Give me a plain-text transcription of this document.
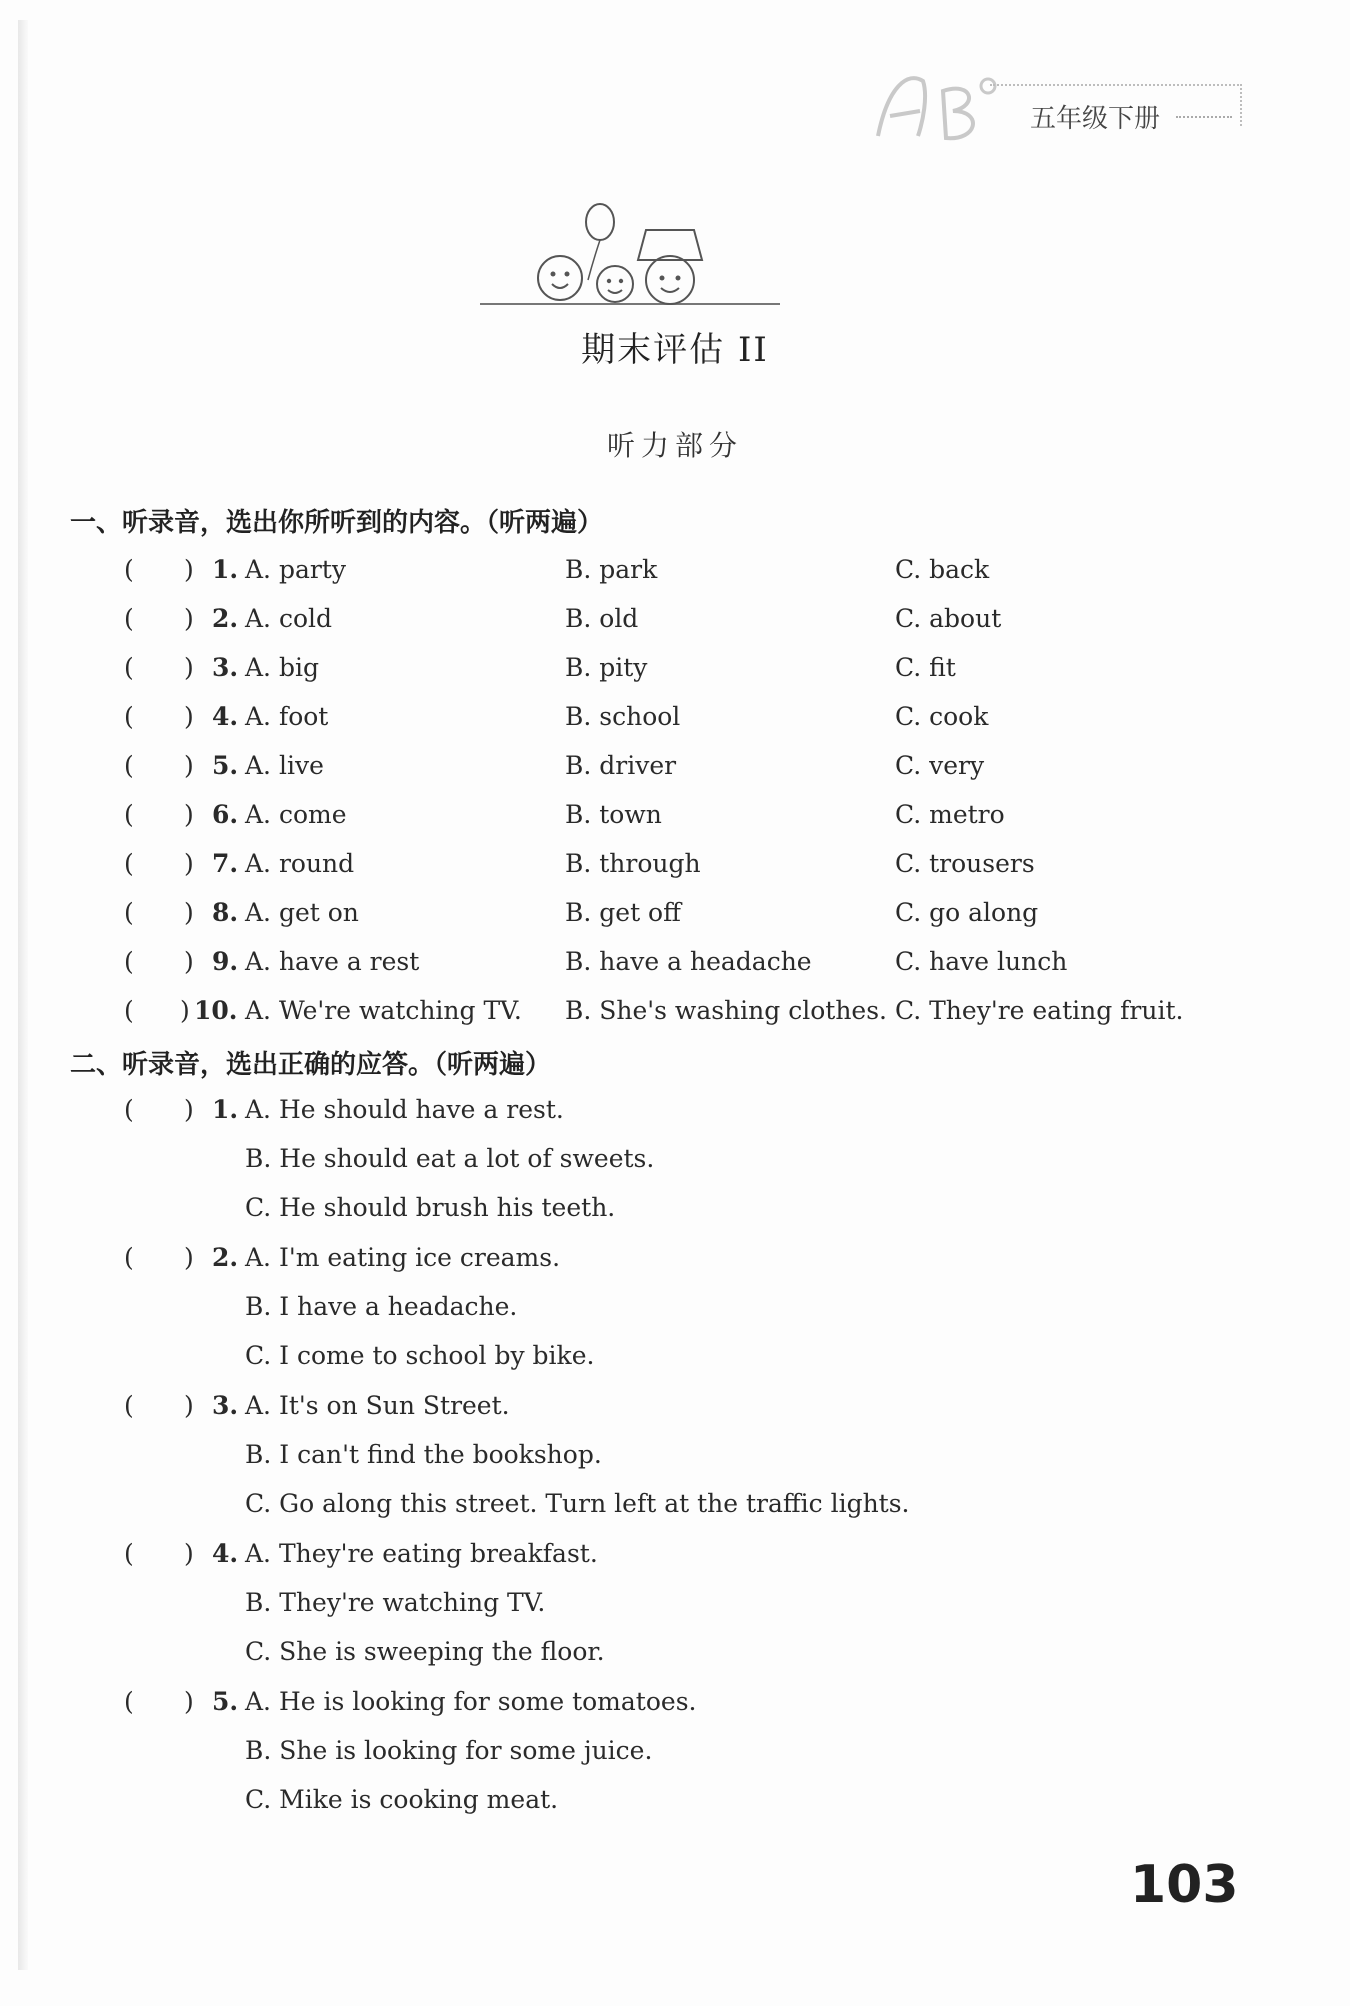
五年级下册
期末评估 II
听力部分
一、听录音，选出你所听到的内容。（听两遍）
( ) 1. A. party	B. park	C. back
( ) 2. A. cold	B. old	C. about
( ) 3. A. big	B. pity	C. fit
( ) 4. A. foot	B. school	C. cook
( ) 5. A. live	B. driver	C. very
( ) 6. A. come	B. town	C. metro
( ) 7. A. round	B. through	C. trousers
( ) 8. A. get on	B. get off	C. go along
( ) 9. A. have a rest	B. have a headache	C. have lunch
( ) 10. A. We're watching TV. B. She's washing clothes. C. They're eating fruit.
二、听录音，选出正确的应答。（听两遍）
( ) 1. A. He should have a rest.
B. He should eat a lot of sweets.
C. He should brush his teeth.
( ) 2. A. I'm eating ice creams.
B. I have a headache.
C. I come to school by bike.
( ) 3. A. It's on Sun Street.
B. I can't find the bookshop.
C. Go along this street. Turn left at the traffic lights.
( ) 4. A. They're eating breakfast.
B. They're watching TV.
C. She is sweeping the floor.
( ) 5. A. He is looking for some tomatoes.
B. She is looking for some juice.
C. Mike is cooking meat.
103
